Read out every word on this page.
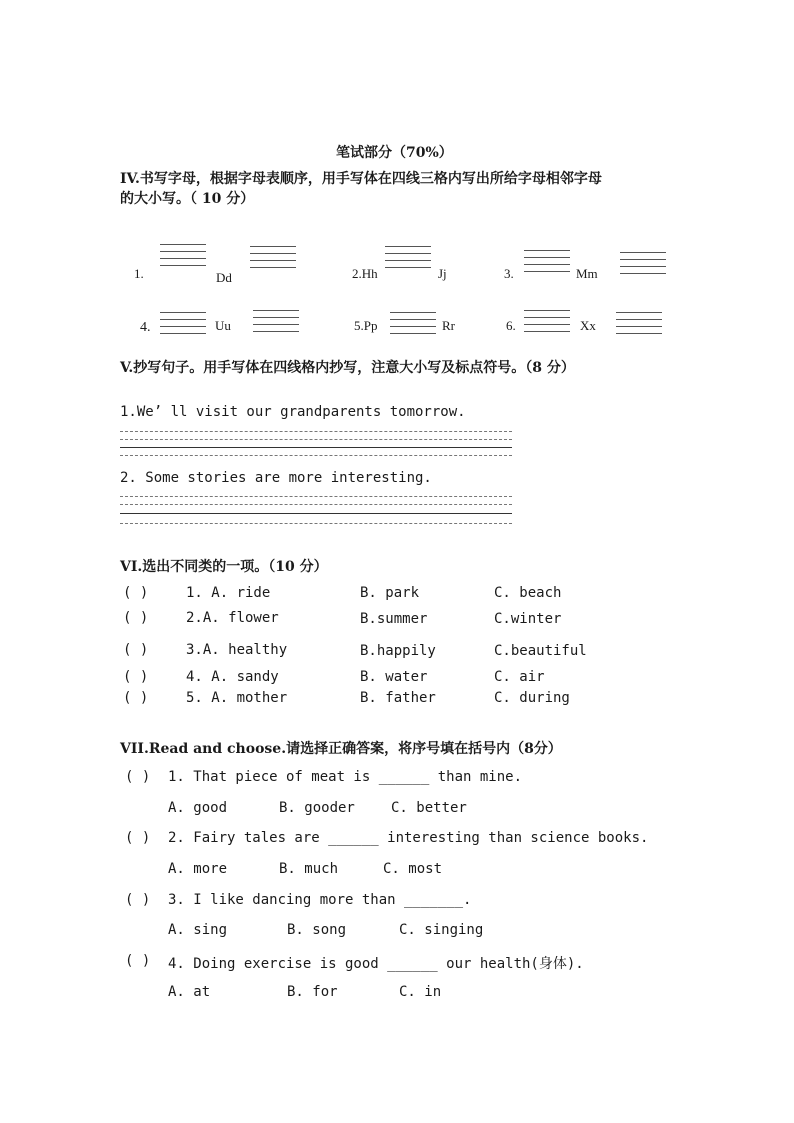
笔试部分（70%）
IV.书写字母，根据字母表顺序，用手写体在四线三格内写出所给字母相邻字母
的大小写。（ 10 分）
1.	Dd	2.Hh	Jj	3.	Mm
4.	Uu	5.Pp	Rr	6.	Xx
V.抄写句子。用手写体在四线格内抄写，注意大小写及标点符号。（8 分）
1.We’ ll visit our grandparents tomorrow.
2. Some stories are more interesting.
VI.选出不同类的一项。（10 分）
( )	1. A. ride	B. park	C. beach
( )	2.A. flower	B.summer	C.winter
( )	3.A. healthy	B.happily	C.beautiful
( )	4. A. sandy	B. water	C. air
( )	5. A. mother	B. father	C. during
VII.Read and choose.请选择正确答案，将序号填在括号内（8分）
( ) 1. That piece of meat is ______ than mine.
A. good	B. gooder	C. better
( ) 2. Fairy tales are ______ interesting than science books.
A. more	B. much	C. most
( ) 3. I like dancing more than _______.
A. sing	B. song	C. singing
( ) 4. Doing exercise is good ______ our health(身体).
A. at	B. for	C. in
